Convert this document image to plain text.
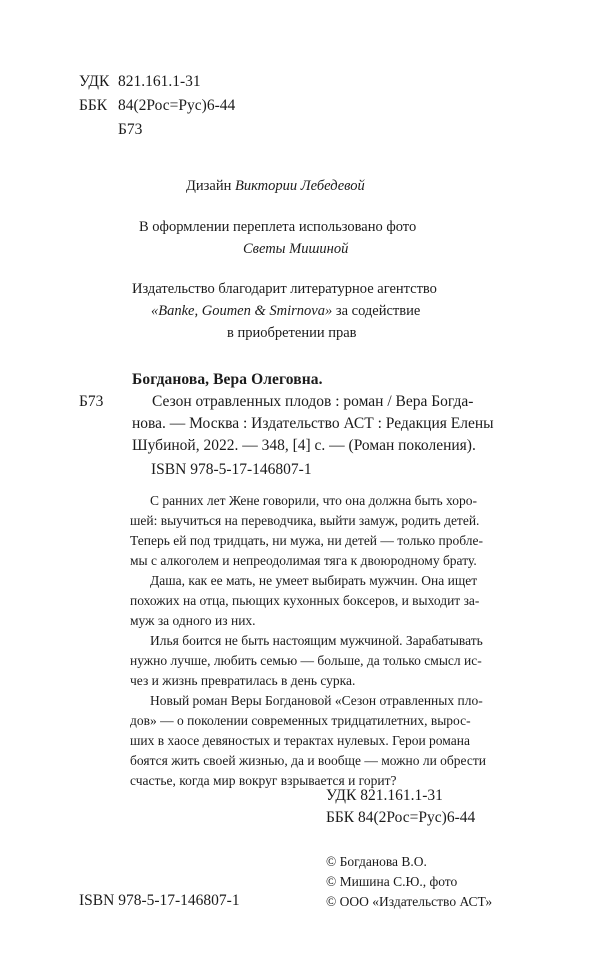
УДК 821.161.1-31
ББК 84(2Рос=Рус)6-44
Б73
Дизайн Виктории Лебедевой
В оформлении переплета использовано фото
Светы Мишиной
Издательство благодарит литературное агентство
«Banke, Goumen & Smirnova» за содействие
в приобретении прав
Богданова, Вера Олеговна.
Б73	Сезон отравленных плодов : роман / Вера Богда-
нова. — Москва : Издательство АСТ : Редакция Елены
Шубиной, 2022. — 348, [4] с. — (Роман поколения).
ISBN 978-5-17-146807-1
С ранних лет Жене говорили, что она должна быть хоро-
шей: выучиться на переводчика, выйти замуж, родить детей.
Теперь ей под тридцать, ни мужа, ни детей — только пробле-
мы с алкоголем и непреодолимая тяга к двоюродному брату.
Даша, как ее мать, не умеет выбирать мужчин. Она ищет
похожих на отца, пьющих кухонных боксеров, и выходит за-
муж за одного из них.
Илья боится не быть настоящим мужчиной. Зарабатывать
нужно лучше, любить семью — больше, да только смысл ис-
чез и жизнь превратилась в день сурка.
Новый роман Веры Богдановой «Сезон отравленных пло-
дов» — о поколении современных тридцатилетних, вырос-
ших в хаосе девяностых и терактах нулевых. Герои романа
боятся жить своей жизнью, да и вообще — можно ли обрести
счастье, когда мир вокруг взрывается и горит?
УДК 821.161.1-31
ББК 84(2Рос=Рус)6-44
© Богданова В.О.
© Мишина С.Ю., фото
© ООО «Издательство АСТ»
ISBN 978-5-17-146807-1
